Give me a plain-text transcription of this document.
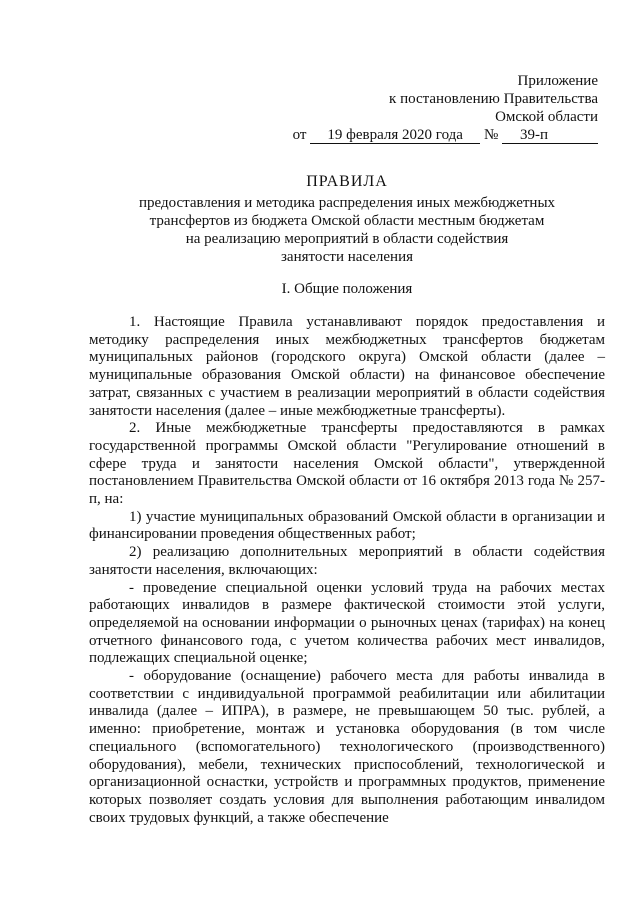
Приложение
к постановлению Правительства
Омской области
от 19 февраля 2020 года № 39-п
ПРАВИЛА
предоставления и методика распределения иных межбюджетных
трансфертов из бюджета Омской области местным бюджетам
на реализацию мероприятий в области содействия
занятости населения
I. Общие положения

1. Настоящие Правила устанавливают порядок предоставления и методику распределения иных межбюджетных трансфертов бюджетам муниципальных районов (городского округа) Омской области (далее – муниципальные образования Омской области) на финансовое обеспечение затрат, связанных с участием в реализации мероприятий в области содействия занятости населения (далее – иные межбюджетные трансферты).

2. Иные межбюджетные трансферты предоставляются в рамках государственной программы Омской области "Регулирование отношений в сфере труда и занятости населения Омской области", утвержденной постановлением Правительства Омской области от 16 октября 2013 года № 257-п, на:

1) участие муниципальных образований Омской области в организации и финансировании проведения общественных работ;

2) реализацию дополнительных мероприятий в области содействия занятости населения, включающих:

- проведение специальной оценки условий труда на рабочих местах работающих инвалидов в размере фактической стоимости этой услуги, определяемой на основании информации о рыночных ценах (тарифах) на конец отчетного финансового года, с учетом количества рабочих мест инвалидов, подлежащих специальной оценке;

- оборудование (оснащение) рабочего места для работы инвалида в соответствии с индивидуальной программой реабилитации или абилитации инвалида (далее – ИПРА), в размере, не превышающем 50 тыс. рублей, а именно: приобретение, монтаж и установка оборудования (в том числе специального (вспомогательного) технологического (производственного) оборудования), мебели, технических приспособлений, технологической и организационной оснастки, устройств и программных продуктов, применение которых позволяет создать условия для выполнения работающим инвалидом своих трудовых функций, а также обеспечение
